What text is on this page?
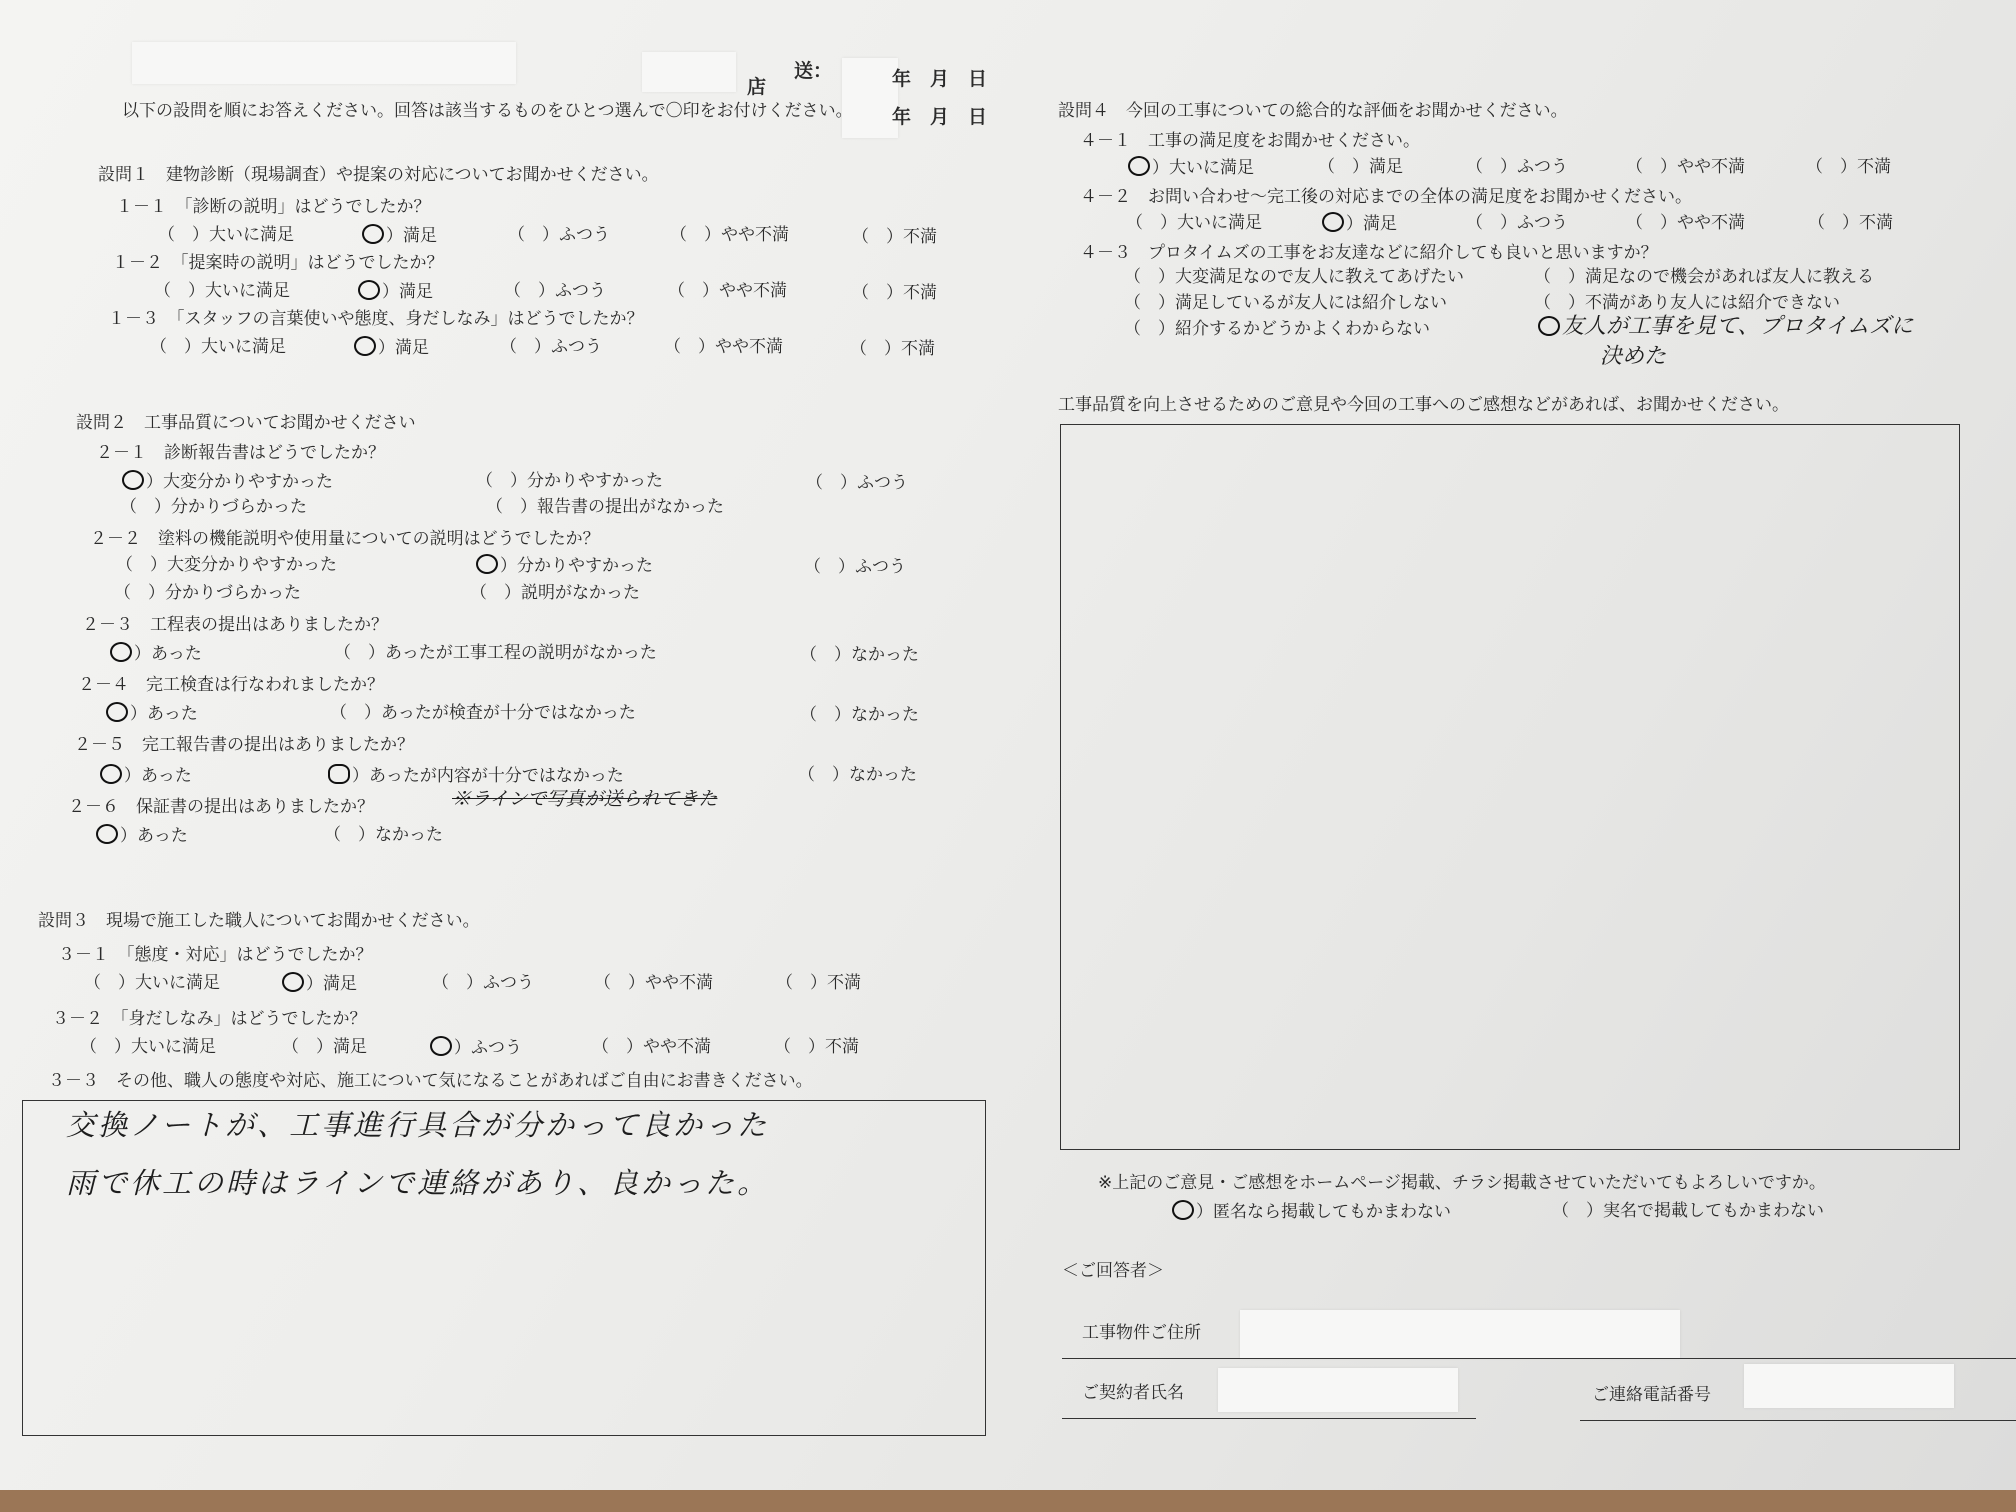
店
送：	年　月　日
年　月　日
以下の設問を順にお答えください。回答は該当するものをひとつ選んで〇印をお付けください。
設問１　建物診断（現場調査）や提案の対応についてお聞かせください。
１－１　「診断の説明」はどうでしたか？
（　）大いに満足	）満足	（　）ふつう	（　）やや不満	（　）不満
１－２　「提案時の説明」はどうでしたか？
（　）大いに満足	）満足	（　）ふつう	（　）やや不満	（　）不満
１－３　「スタッフの言葉使いや態度、身だしなみ」はどうでしたか？
（　）大いに満足	）満足	（　）ふつう	（　）やや不満	（　）不満
設問２　工事品質についてお聞かせください
２－１　診断報告書はどうでしたか？
）大変分かりやすかった	（　）分かりやすかった	（　）ふつう
（　）分かりづらかった	（　）報告書の提出がなかった
２－２　塗料の機能説明や使用量についての説明はどうでしたか？
（　）大変分かりやすかった	）分かりやすかった	（　）ふつう
（　）分かりづらかった	（　）説明がなかった
２－３　工程表の提出はありましたか？
）あった	（　）あったが工事工程の説明がなかった	（　）なかった
２－４　完工検査は行なわれましたか？
）あった	（　）あったが検査が十分ではなかった	（　）なかった
２－５　完工報告書の提出はありましたか？
）あった	）あったが内容が十分ではなかった	（　）なかった
※ラインで写真が送られてきた
２－６　保証書の提出はありましたか？
）あった	（　）なかった
設問３　現場で施工した職人についてお聞かせください。
３－１　「態度・対応」はどうでしたか？
（　）大いに満足	）満足	（　）ふつう	（　）やや不満	（　）不満
３－２　「身だしなみ」はどうでしたか？
（　）大いに満足	（　）満足	）ふつう	（　）やや不満	（　）不満
３－３　その他、職人の態度や対応、施工について気になることがあればご自由にお書きください。
交換ノートが、工事進行具合が分かって良かった
雨で休工の時はラインで連絡があり、良かった。
設問４　今回の工事についての総合的な評価をお聞かせください。
４－１　工事の満足度をお聞かせください。
）大いに満足	（　）満足	（　）ふつう	（　）やや不満	（　）不満
４－２　お問い合わせ～完工後の対応までの全体の満足度をお聞かせください。
（　）大いに満足	）満足	（　）ふつう	（　）やや不満	（　）不満
４－３　プロタイムズの工事をお友達などに紹介しても良いと思いますか？
（　）大変満足なので友人に教えてあげたい	（　）満足なので機会があれば友人に教える
（　）満足しているが友人には紹介しない	（　）不満があり友人には紹介できない
（　）紹介するかどうかよくわからない	友人が工事を見て、プロタイムズに
決めた
工事品質を向上させるためのご意見や今回の工事へのご感想などがあれば、お聞かせください。
※上記のご意見・ご感想をホームページ掲載、チラシ掲載させていただいてもよろしいですか。
）匿名なら掲載してもかまわない	（　）実名で掲載してもかまわない
＜ご回答者＞
工事物件ご住所
ご契約者氏名	ご連絡電話番号
